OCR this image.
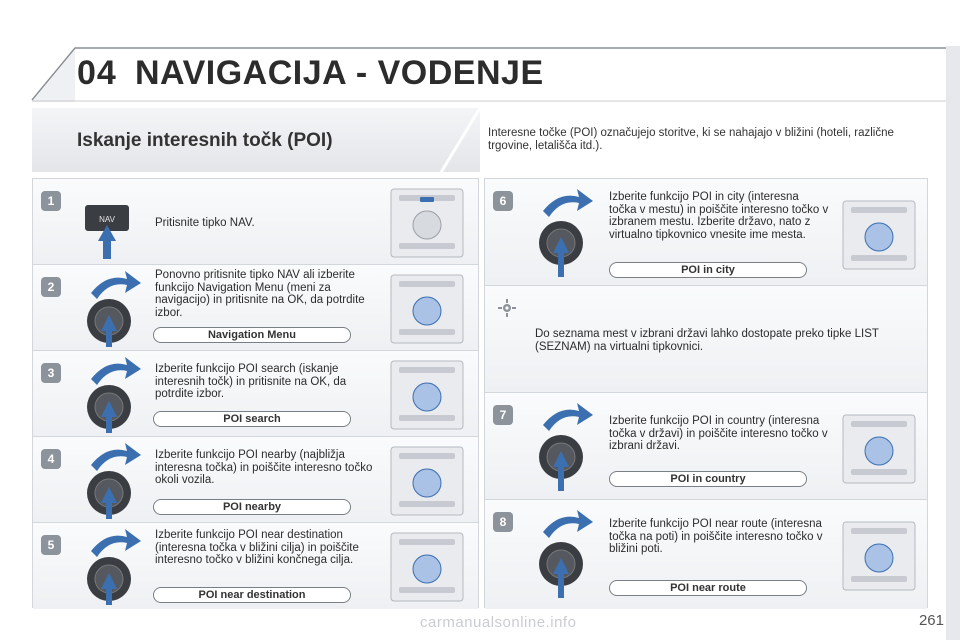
04 NAVIGACIJA - VODENJE
Iskanje interesnih točk (POI)	Interesne točke (POI) označujejo storitve, ki se nahajajo v bližini (hoteli, različne trgovine, letališča itd.).
1
NAV	Pritisnite tipko NAV.
2
Ponovno pritisnite tipko NAV ali izberite funkcijo Navigation Menu (meni za navigacijo) in pritisnite na OK, da potrdite izbor.
Navigation Menu
3	Izberite funkcijo POI search (iskanje interesnih točk) in pritisnite na OK, da potrdite izbor.
POI search
4	Izberite funkcijo POI nearby (najbližja interesna točka) in poiščite interesno točko okoli vozila.
POI nearby
5
Izberite funkcijo POI near destination (interesna točka v bližini cilja) in poiščite interesno točko v bližini končnega cilja.
POI near destination
6	Izberite funkcijo POI in city (interesna točka v mestu) in poiščite interesno točko v izbranem mestu. Izberite državo, nato z virtualno tipkovnico vnesite ime mesta.
POI in city
Do seznama mest v izbrani državi lahko dostopate preko tipke LIST (SEZNAM) na virtualni tipkovnici.
7	Izberite funkcijo POI in country (interesna točka v državi) in poiščite interesno točko v izbrani državi.
POI in country
8	Izberite funkcijo POI near route (interesna točka na poti) in poiščite interesno točko v bližini poti.
POI near route
carmanualsonline.info	261
